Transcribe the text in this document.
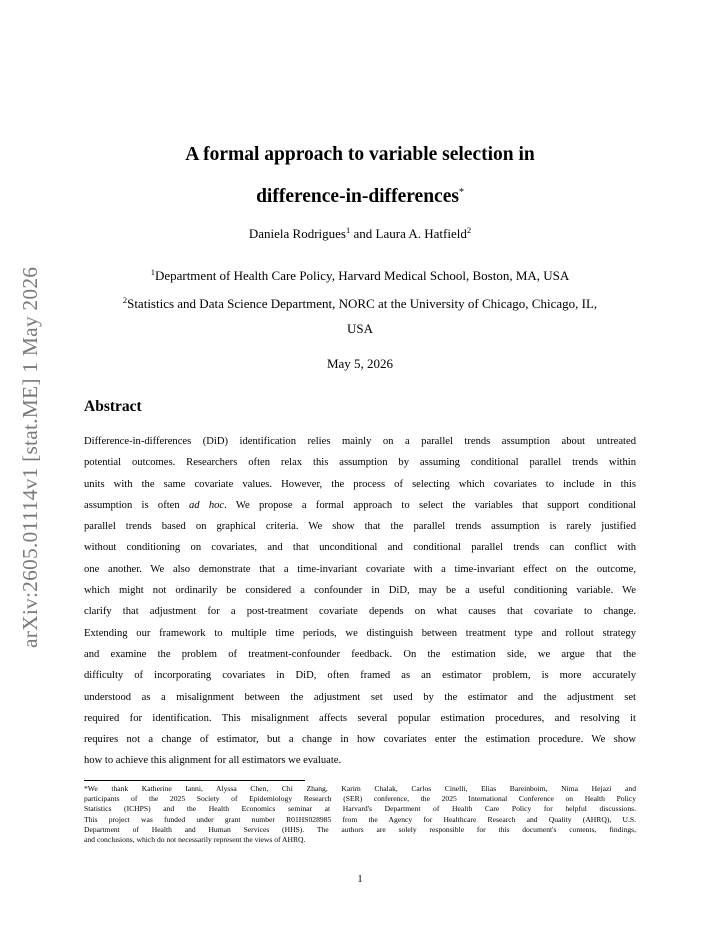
arXiv:2605.01114v1 [stat.ME] 1 May 2026
A formal approach to variable selection in
difference-in-differences*
Daniela Rodrigues$^1$ and Laura A. Hatfield$^2$
$^1$Department of Health Care Policy, Harvard Medical School, Boston, MA, USA
$^2$Statistics and Data Science Department, NORC at the University of Chicago, Chicago, IL,
USA
May 5, 2026
Abstract
Difference-in-differences (DiD) identification relies mainly on a parallel trends assumption about untreated
potential outcomes. Researchers often relax this assumption by assuming conditional parallel trends within
units with the same covariate values. However, the process of selecting which covariates to include in this
assumption is often ad hoc. We propose a formal approach to select the variables that support conditional
parallel trends based on graphical criteria. We show that the parallel trends assumption is rarely justified
without conditioning on covariates, and that unconditional and conditional parallel trends can conflict with
one another. We also demonstrate that a time-invariant covariate with a time-invariant effect on the outcome,
which might not ordinarily be considered a confounder in DiD, may be a useful conditioning variable. We
clarify that adjustment for a post-treatment covariate depends on what causes that covariate to change.
Extending our framework to multiple time periods, we distinguish between treatment type and rollout strategy
and examine the problem of treatment-confounder feedback. On the estimation side, we argue that the
difficulty of incorporating covariates in DiD, often framed as an estimator problem, is more accurately
understood as a misalignment between the adjustment set used by the estimator and the adjustment set
required for identification. This misalignment affects several popular estimation procedures, and resolving it
requires not a change of estimator, but a change in how covariates enter the estimation procedure. We show
how to achieve this alignment for all estimators we evaluate.
*We thank Katherine Ianni, Alyssa Chen, Chi Zhang, Karim Chalak, Carlos Cinelli, Elias Bareinboim, Nima Hejazi and
participants of the 2025 Society of Epidemiology Research (SER) conference, the 2025 International Conference on Health Policy
Statistics (ICHPS) and the Health Economics seminar at Harvard's Department of Health Care Policy for helpful discussions.
This project was funded under grant number R01HS028985 from the Agency for Healthcare Research and Quality (AHRQ), U.S.
Department of Health and Human Services (HHS). The authors are solely responsible for this document's contents, findings,
and conclusions, which do not necessarily represent the views of AHRQ.
1
